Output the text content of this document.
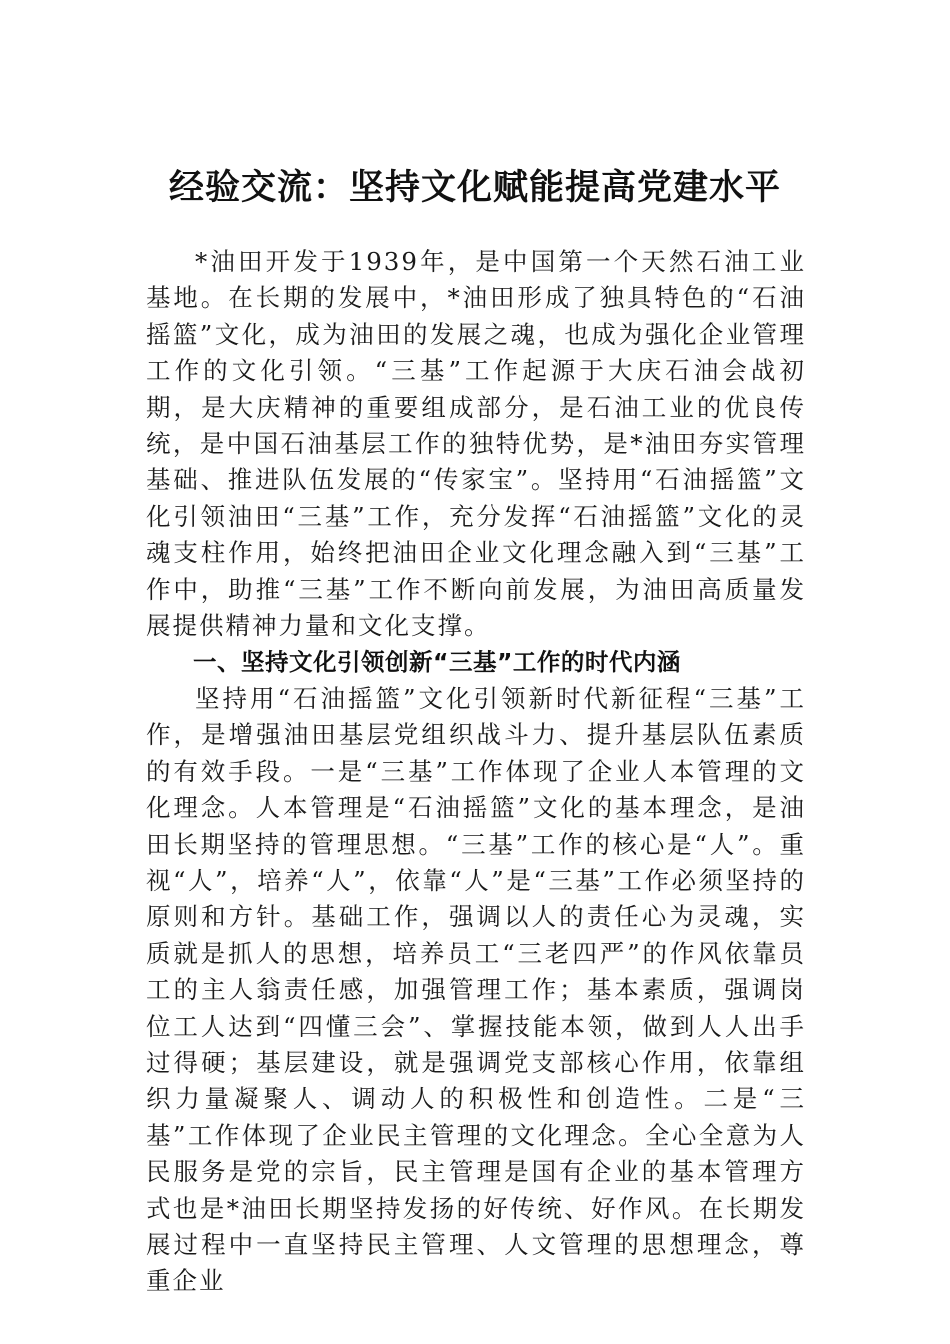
经验交流：坚持文化赋能提高党建水平

*油田开发于1939年，是中国第一个天然石油工业基地。在长期的发展中，*油田形成了独具特色的“石油摇篮”文化，成为油田的发展之魂，也成为强化企业管理工作的文化引领。“三基”工作起源于大庆石油会战初期，是大庆精神的重要组成部分，是石油工业的优良传统，是中国石油基层工作的独特优势，是*油田夯实管理基础、推进队伍发展的“传家宝”。坚持用“石油摇篮”文化引领油田“三基”工作，充分发挥“石油摇篮”文化的灵魂支柱作用，始终把油田企业文化理念融入到“三基”工作中，助推“三基”工作不断向前发展，为油田高质量发展提供精神力量和文化支撑。

一、坚持文化引领创新“三基”工作的时代内涵

坚持用“石油摇篮”文化引领新时代新征程“三基”工作，是增强油田基层党组织战斗力、提升基层队伍素质的有效手段。一是“三基”工作体现了企业人本管理的文化理念。人本管理是“石油摇篮”文化的基本理念，是油田长期坚持的管理思想。“三基”工作的核心是“人”。重视“人”，培养“人”，依靠“人”是“三基”工作必须坚持的原则和方针。基础工作，强调以人的责任心为灵魂，实质就是抓人的思想，培养员工“三老四严”的作风依靠员工的主人翁责任感，加强管理工作；基本素质，强调岗位工人达到“四懂三会”、掌握技能本领，做到人人出手过得硬；基层建设，就是强调党支部核心作用，依靠组织力量凝聚人、调动人的积极性和创造性。二是“三基”工作体现了企业民主管理的文化理念。全心全意为人民服务是党的宗旨，民主管理是国有企业的基本管理方式也是*油田长期坚持发扬的好传统、好作风。在长期发展过程中一直坚持民主管理、人文管理的思想理念，尊重企业
